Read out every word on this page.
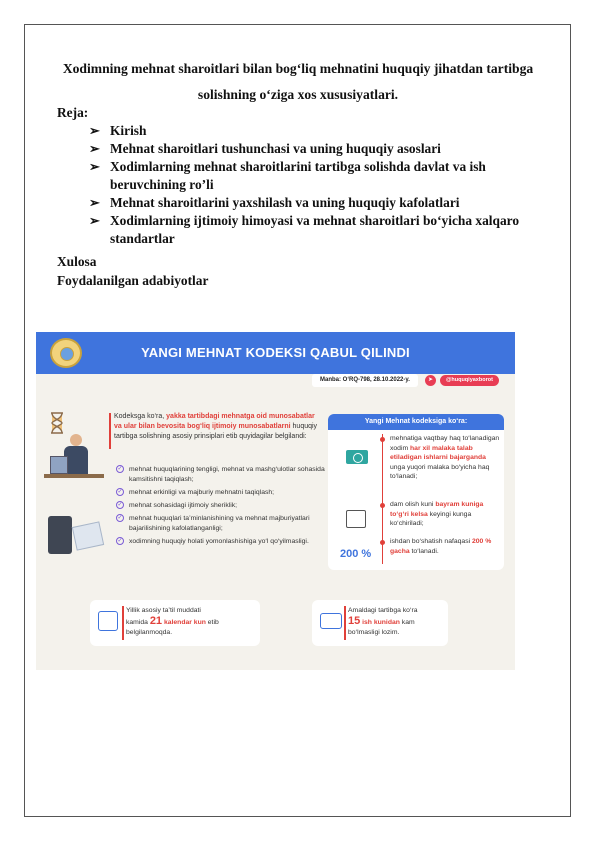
Xodimning mehnat sharoitlari bilan bog‘liq mehnatini huquqiy jihatdan tartibga solishning o‘ziga xos xususiyatlari.
Reja:
➢ Kirish
➢ Mehnat sharoitlari tushunchasi va uning huquqiy asoslari
➢ Xodimlarning mehnat sharoitlarini tartibga solishda davlat va ish beruvchining ro’li
➢ Mehnat sharoitlarini yaxshilash va uning huquqiy kafolatlari
➢ Xodimlarning ijtimoiy himoyasi va mehnat sharoitlari bo‘yicha xalqaro standartlar
Xulosa
Foydalanilgan adabiyotlar
YANGI MEHNAT KODEKSI QABUL QILINDI
Manba: O‘RQ-798, 28.10.2022-y.	➤	@huquqiyaxborot
Kodeksga ko‘ra, yakka tartibdagi mehnatga oid munosabatlar va ular bilan bevosita bog‘liq ijtimoiy munosabatlarni huquqiy tartibga solishning asosiy prinsiplari etib quyidagilar belgilandi:
✓ mehnat huquqlarining tengligi, mehnat va mashg‘ulotlar sohasida kamsitishni taqiqlash;
✓ mehnat erkinligi va majburiy mehnatni taqiqlash;
✓ mehnat sohasidagi ijtimoiy sheriklik;
✓ mehnat huquqlari ta’minlanishining va mehnat majburiyatlari bajarilishining kafolatlanganligi;
✓ xodimning huquqiy holati yomonlashishiga yo‘l qo‘yilmasligi.
Yangi Mehnat kodeksiga ko‘ra:
200 %
mehnatiga vaqtbay haq to‘lanadigan xodim har xil malaka talab etiladigan ishlarni bajarganda unga yuqori malaka bo‘yicha haq to‘lanadi;
dam olish kuni bayram kuniga to‘g‘ri kelsa keyingi kunga ko‘chiriladi;
ishdan bo‘shatish nafaqasi 200 % gacha to‘lanadi.
Yillik asosiy ta’til muddati
kamida 21 kalendar kun etib
belgilanmoqda.
Amaldagi tartibga ko‘ra
15 ish kunidan kam
bo‘lmasligi lozim.
